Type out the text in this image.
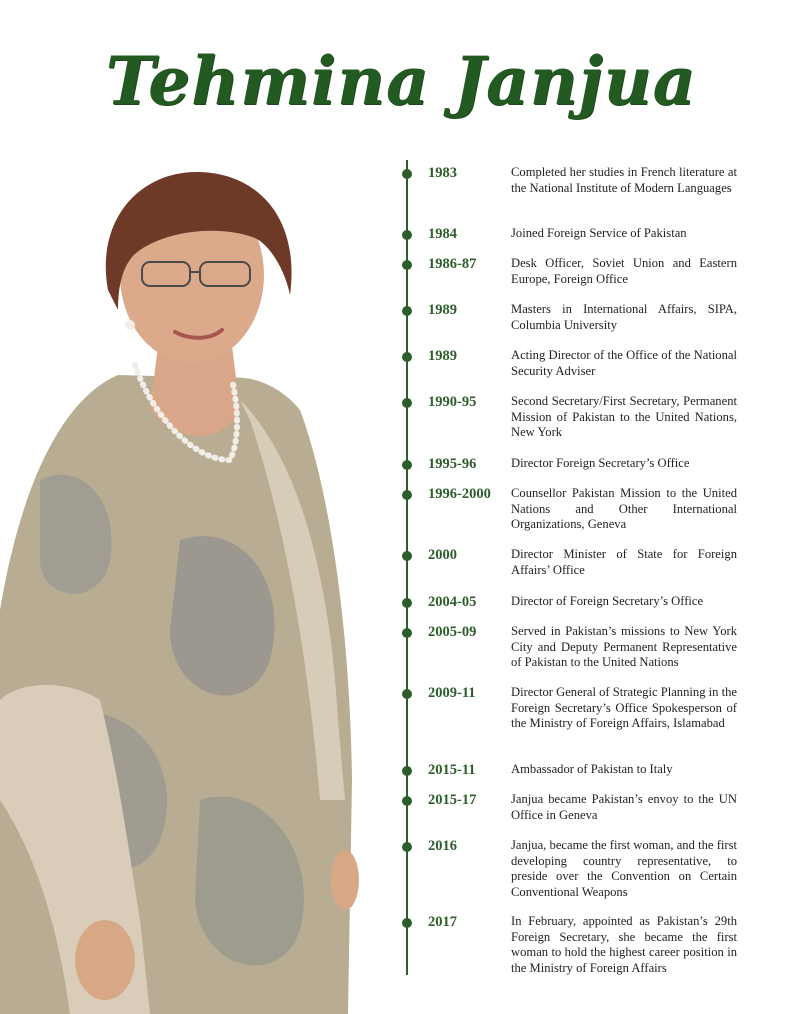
Tehmina Janjua
1983	Completed her studies in French literature at the National Institute of Modern Languages
1984	Joined Foreign Service of Pakistan
1986-87	Desk Officer, Soviet Union and Eastern Europe, Foreign Office
1989	Masters in International Affairs, SIPA, Columbia University
1989	Acting Director of the Office of the National Security Adviser
1990-95	Second Secretary/First Secretary, Permanent Mission of Pakistan to the United Nations, New York
1995-96	Director Foreign Secretary’s Office
1996-2000	Counsellor Pakistan Mission to the United Nations and Other International Organizations, Geneva
2000	Director Minister of State for Foreign Affairs’ Office
2004-05	Director of Foreign Secretary’s Office
2005-09	Served in Pakistan’s missions to New York City and Deputy Permanent Representative of Pakistan to the United Nations
2009-11	Director General of Strategic Planning in the Foreign Secretary’s Office Spokesperson of the Ministry of Foreign Affairs, Islamabad
2015-11	Ambassador of Pakistan to Italy
2015-17	Janjua became Pakistan’s envoy to the UN Office in Geneva
2016	Janjua, became the first woman, and the first developing country representative, to preside over the Convention on Certain Conventional Weapons
2017	In February, appointed as Pakistan’s 29th Foreign Secretary, she became the first woman to hold the highest career position in the Ministry of Foreign Affairs
